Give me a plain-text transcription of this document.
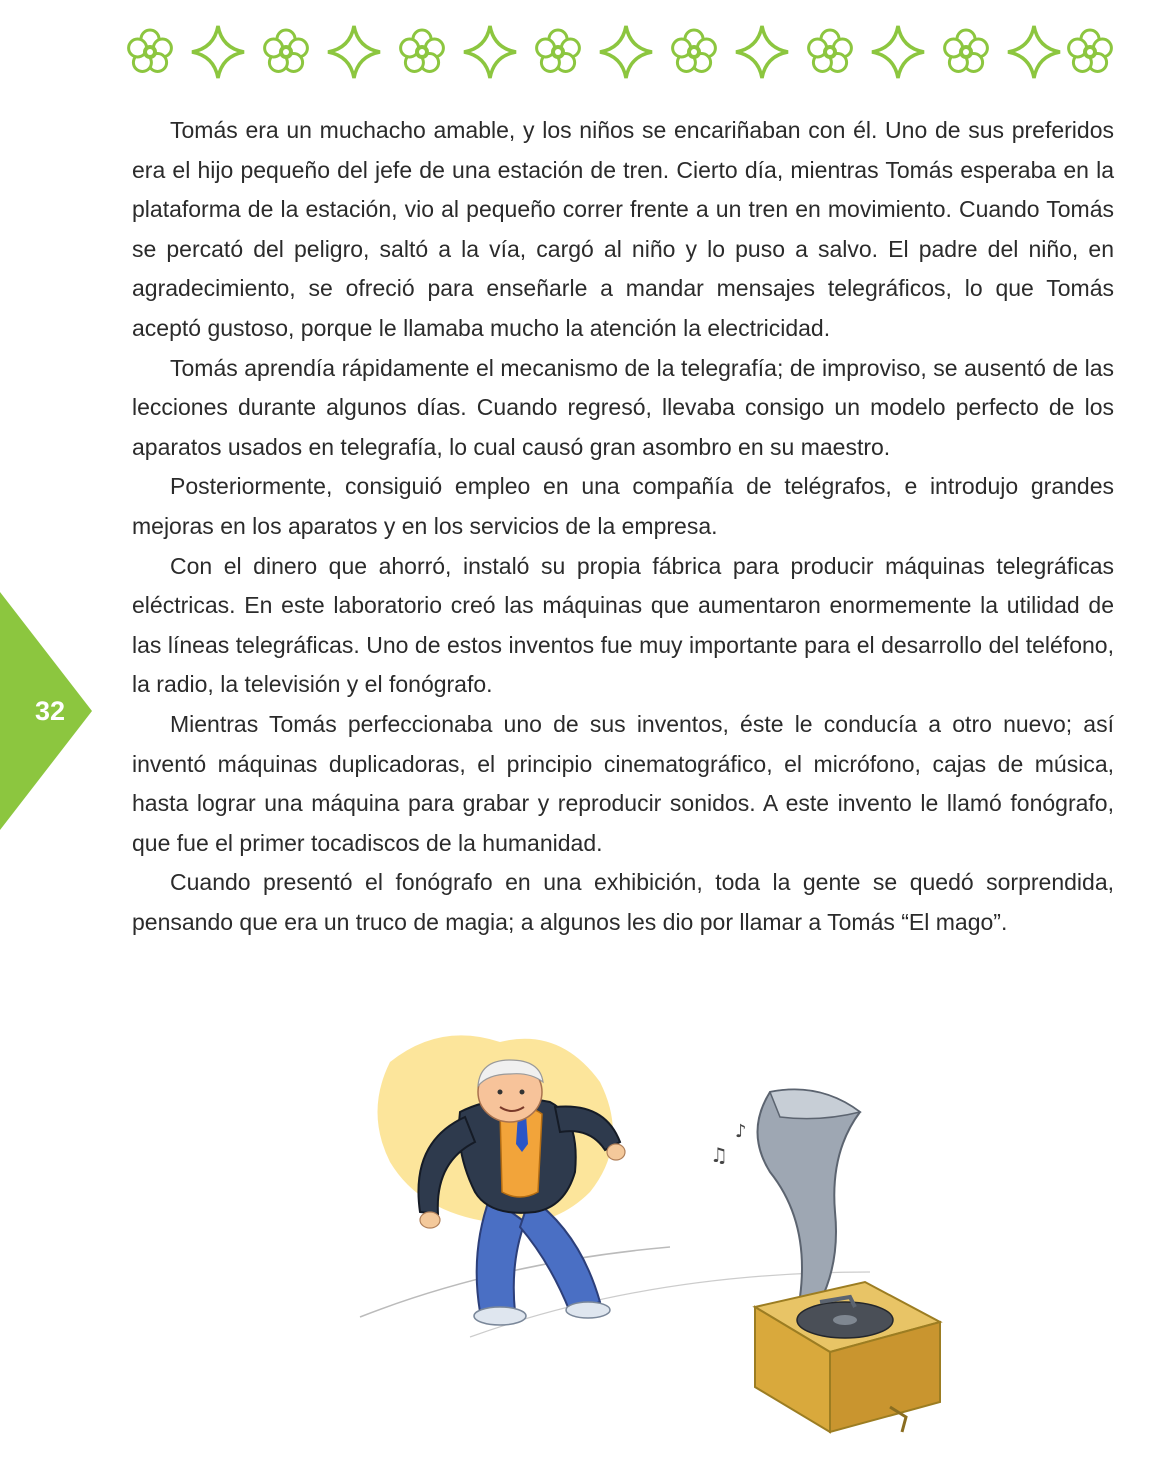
32

Tomás era un muchacho amable, y los niños se encariñaban con él. Uno de sus preferidos era el hijo pequeño del jefe de una estación de tren. Cierto día, mientras Tomás esperaba en la plataforma de la estación, vio al pequeño correr frente a un tren en movimiento. Cuando Tomás se percató del peligro, saltó a la vía, cargó al niño y lo puso a salvo. El padre del niño, en agradecimiento, se ofreció para enseñarle a mandar mensajes telegráficos, lo que Tomás aceptó gustoso, porque le llamaba mucho la atención la electricidad.

Tomás aprendía rápidamente el mecanismo de la telegrafía; de improviso, se ausentó de las lecciones durante algunos días. Cuando regresó, llevaba consigo un modelo perfecto de los aparatos usados en telegrafía, lo cual causó gran asombro en su maestro.

Posteriormente, consiguió empleo en una compañía de telégrafos, e introdujo grandes mejoras en los aparatos y en los servicios de la empresa.

Con el dinero que ahorró, instaló su propia fábrica para producir máquinas telegráficas eléctricas. En este laboratorio creó las máquinas que aumentaron enormemente la utilidad de las líneas telegráficas. Uno de estos inventos fue muy importante para el desarrollo del teléfono, la radio, la televisión y el fonógrafo.

Mientras Tomás perfeccionaba uno de sus inventos, éste le conducía a otro nuevo; así inventó máquinas duplicadoras, el principio cinematográfico, el micrófono, cajas de música, hasta lograr una máquina para grabar y reproducir sonidos. A este invento le llamó fonógrafo, que fue el primer tocadiscos de la humanidad.

Cuando presentó el fonógrafo en una exhibición, toda la gente se quedó sorprendida, pensando que era un truco de magia; a algunos les dio por llamar a Tomás “El mago”.

♫
♪
